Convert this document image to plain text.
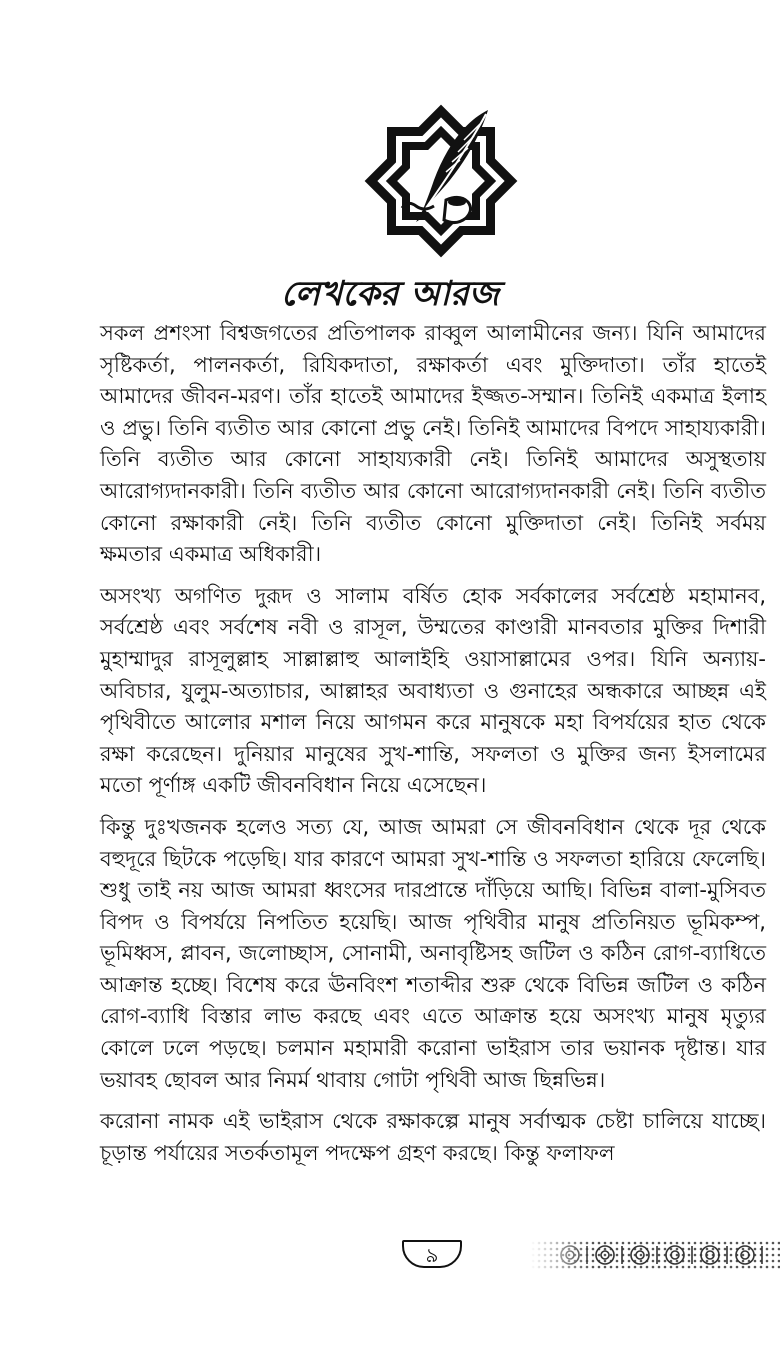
লেখকের আরজ

সকল প্রশংসা বিশ্বজগতের প্রতিপালক রাব্বুল আলামীনের জন্য। যিনি আমাদের সৃষ্টিকর্তা, পালনকর্তা, রিযিকদাতা, রক্ষাকর্তা এবং মুক্তিদাতা। তাঁর হাতেই আমাদের জীবন-মরণ। তাঁর হাতেই আমাদের ইজ্জত-সম্মান। তিনিই একমাত্র ইলাহ ও প্রভু। তিনি ব্যতীত আর কোনো প্রভু নেই। তিনিই আমাদের বিপদে সাহায্যকারী। তিনি ব্যতীত আর কোনো সাহায্যকারী নেই। তিনিই আমাদের অসুস্থতায় আরোগ্যদানকারী। তিনি ব্যতীত আর কোনো আরোগ্যদানকারী নেই। তিনি ব্যতীত কোনো রক্ষাকারী নেই। তিনি ব্যতীত কোনো মুক্তিদাতা নেই। তিনিই সর্বময় ক্ষমতার একমাত্র অধিকারী।

অসংখ্য অগণিত দুরূদ ও সালাম বর্ষিত হোক সর্বকালের সর্বশ্রেষ্ঠ মহামানব, সর্বশ্রেষ্ঠ এবং সর্বশেষ নবী ও রাসূল, উম্মতের কাণ্ডারী মানবতার মুক্তির দিশারী মুহাম্মাদুর রাসূলুল্লাহ সাল্লাল্লাহু আলাইহি ওয়াসাল্লামের ওপর। যিনি অন্যায়-অবিচার, যুলুম-অত্যাচার, আল্লাহর অবাধ্যতা ও গুনাহের অন্ধকারে আচ্ছন্ন এই পৃথিবীতে আলোর মশাল নিয়ে আগমন করে মানুষকে মহা বিপর্যয়ের হাত থেকে রক্ষা করেছেন। দুনিয়ার মানুষের সুখ-শান্তি, সফলতা ও মুক্তির জন্য ইসলামের মতো পূর্ণাঙ্গ একটি জীবনবিধান নিয়ে এসেছেন।

কিন্তু দুঃখজনক হলেও সত্য যে, আজ আমরা সে জীবনবিধান থেকে দূর থেকে বহুদূরে ছিটকে পড়েছি। যার কারণে আমরা সুখ-শান্তি ও সফলতা হারিয়ে ফেলেছি। শুধু তাই নয় আজ আমরা ধ্বংসের দারপ্রান্তে দাঁড়িয়ে আছি। বিভিন্ন বালা-মুসিবত বিপদ ও বিপর্যয়ে নিপতিত হয়েছি। আজ পৃথিবীর মানুষ প্রতিনিয়ত ভূমিকম্প, ভূমিধ্বস, প্লাবন, জলোচ্ছাস, সোনামী, অনাবৃষ্টিসহ জটিল ও কঠিন রোগ-ব্যাধিতে আক্রান্ত হচ্ছে। বিশেষ করে ঊনবিংশ শতাব্দীর শুরু থেকে বিভিন্ন জটিল ও কঠিন রোগ-ব্যাধি বিস্তার লাভ করছে এবং এতে আক্রান্ত হয়ে অসংখ্য মানুষ মৃত্যুর কোলে ঢলে পড়ছে। চলমান মহামারী করোনা ভাইরাস তার ভয়ানক দৃষ্টান্ত। যার ভয়াবহ ছোবল আর নিমর্ম থাবায় গোটা পৃথিবী আজ ছিন্নভিন্ন।

করোনা নামক এই ভাইরাস থেকে রক্ষাকল্পে মানুষ সর্বাত্মক চেষ্টা চালিয়ে যাচ্ছে। চূড়ান্ত পর্যায়ের সতর্কতামূল পদক্ষেপ গ্রহণ করছে। কিন্তু ফলাফল

৯
